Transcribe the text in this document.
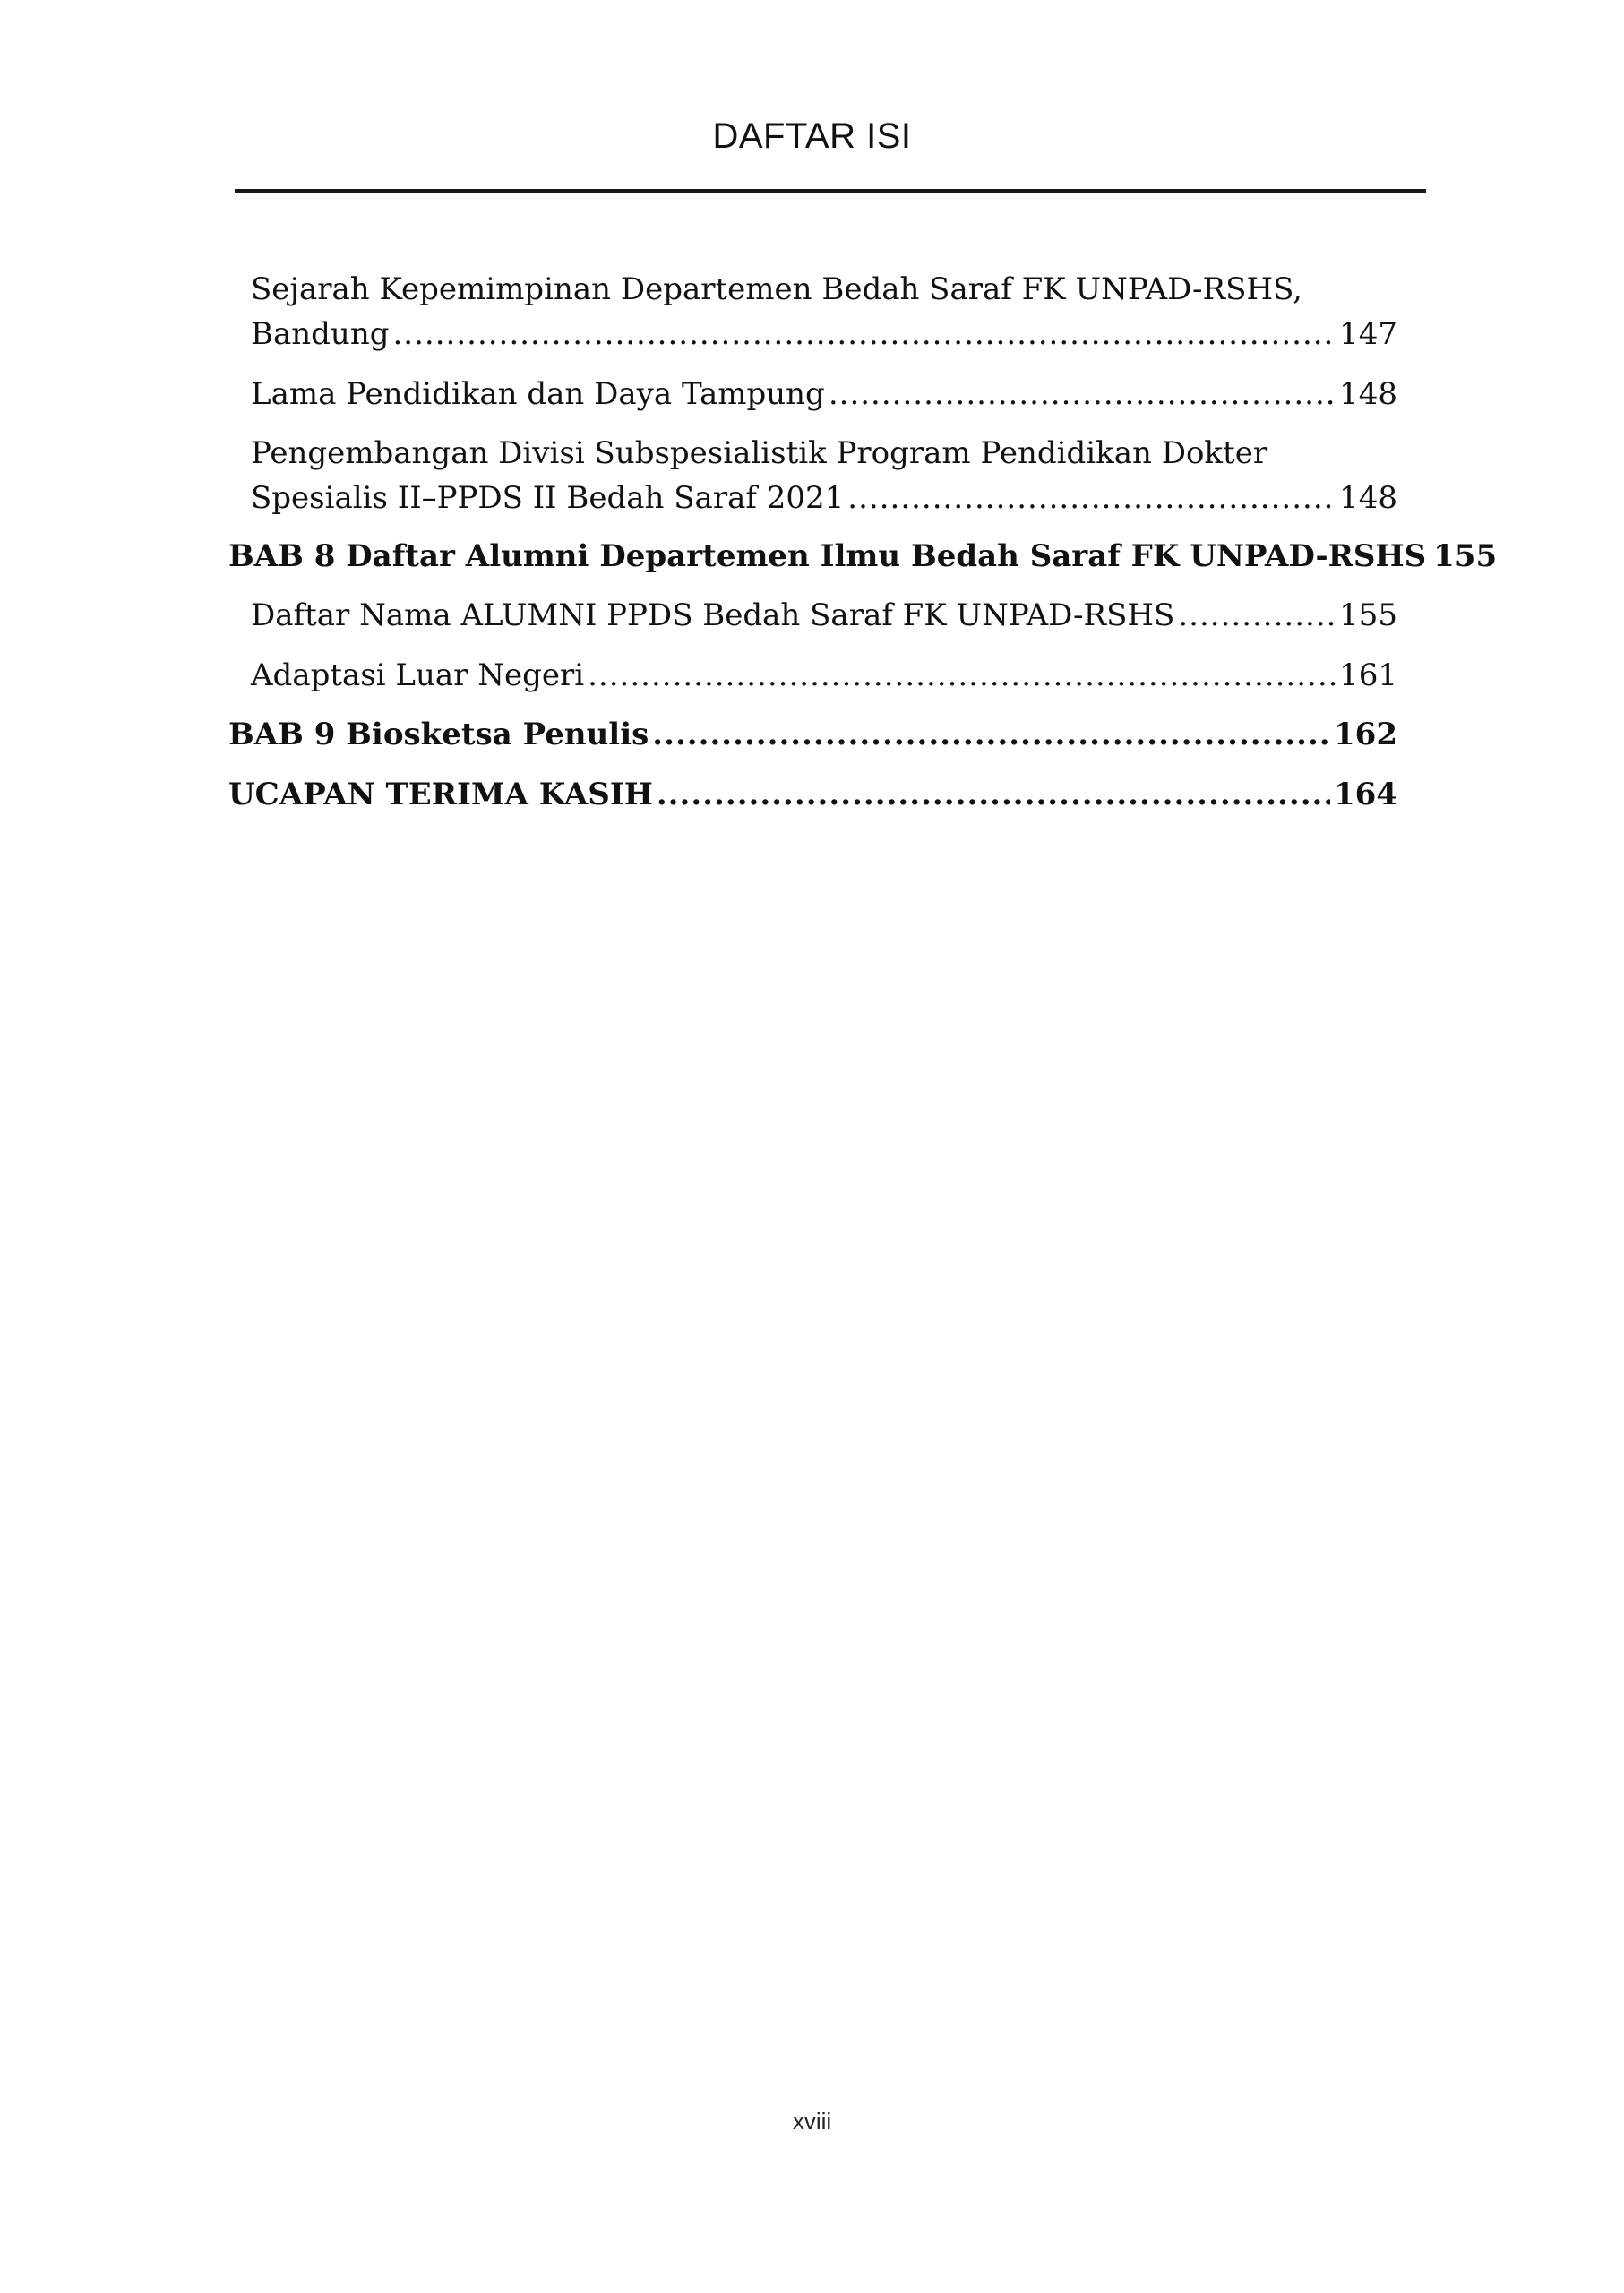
DAFTAR ISI
Sejarah Kepemimpinan Departemen Bedah Saraf FK UNPAD-RSHS,
Bandung .....	147
Lama Pendidikan dan Daya Tampung .....	148
Pengembangan Divisi Subspesialistik Program Pendidikan Dokter
Spesialis II–PPDS II Bedah Saraf 2021 .....	148
BAB 8 Daftar Alumni Departemen Ilmu Bedah Saraf FK UNPAD-RSHS 155
Daftar Nama ALUMNI PPDS Bedah Saraf FK UNPAD-RSHS .....	155
Adaptasi Luar Negeri .....	161
BAB 9 Biosketsa Penulis .....	162
UCAPAN TERIMA KASIH .....	164
xviii
